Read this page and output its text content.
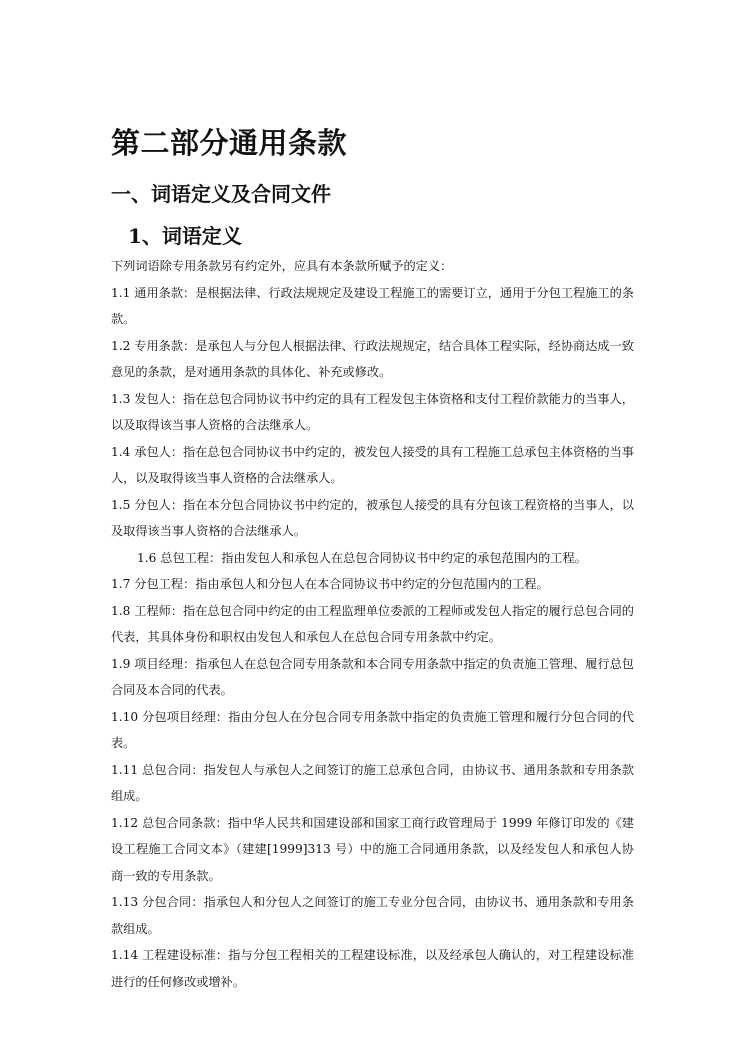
第二部分通用条款
一、词语定义及合同文件
1、词语定义

下列词语除专用条款另有约定外，应具有本条款所赋予的定义：

1.1 通用条款：是根据法律、行政法规规定及建设工程施工的需要订立，通用于分包工程施工的条款。

1.2 专用条款：是承包人与分包人根据法律、行政法规规定，结合具体工程实际，经协商达成一致意见的条款，是对通用条款的具体化、补充或修改。

1.3 发包人：指在总包合同协议书中约定的具有工程发包主体资格和支付工程价款能力的当事人，以及取得该当事人资格的合法继承人。

1.4 承包人：指在总包合同协议书中约定的，被发包人接受的具有工程施工总承包主体资格的当事人，以及取得该当事人资格的合法继承人。

1.5 分包人：指在本分包合同协议书中约定的，被承包人接受的具有分包该工程资格的当事人，以及取得该当事人资格的合法继承人。

1.6 总包工程：指由发包人和承包人在总包合同协议书中约定的承包范围内的工程。

1.7 分包工程：指由承包人和分包人在本合同协议书中约定的分包范围内的工程。

1.8 工程师：指在总包合同中约定的由工程监理单位委派的工程师或发包人指定的履行总包合同的代表，其具体身份和职权由发包人和承包人在总包合同专用条款中约定。

1.9 项目经理：指承包人在总包合同专用条款和本合同专用条款中指定的负责施工管理、履行总包合同及本合同的代表。

1.10 分包项目经理：指由分包人在分包合同专用条款中指定的负责施工管理和履行分包合同的代表。

1.11 总包合同：指发包人与承包人之间签订的施工总承包合同，由协议书、通用条款和专用条款组成。

1.12 总包合同条款：指中华人民共和国建设部和国家工商行政管理局于 1999 年修订印发的《建设工程施工合同文本》（建建[1999]313 号）中的施工合同通用条款，以及经发包人和承包人协商一致的专用条款。

1.13 分包合同：指承包人和分包人之间签订的施工专业分包合同，由协议书、通用条款和专用条款组成。

1.14 工程建设标准：指与分包工程相关的工程建设标准，以及经承包人确认的，对工程建设标准进行的任何修改或增补。
